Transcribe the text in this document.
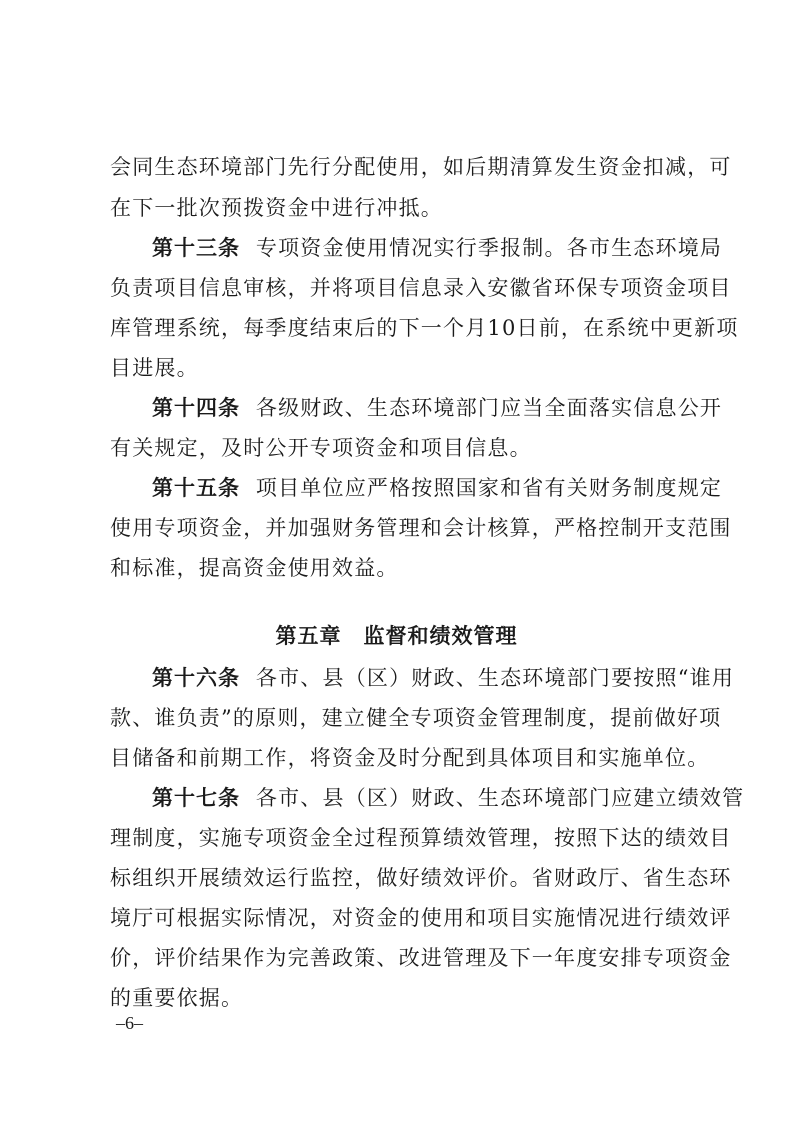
会同生态环境部门先行分配使用，如后期清算发生资金扣减，可
在下一批次预拨资金中进行冲抵。
第十三条 专项资金使用情况实行季报制。各市生态环境局
负责项目信息审核，并将项目信息录入安徽省环保专项资金项目
库管理系统，每季度结束后的下一个月10日前，在系统中更新项
目进展。
第十四条 各级财政、生态环境部门应当全面落实信息公开
有关规定，及时公开专项资金和项目信息。
第十五条 项目单位应严格按照国家和省有关财务制度规定
使用专项资金，并加强财务管理和会计核算，严格控制开支范围
和标准，提高资金使用效益。
第五章　监督和绩效管理
第十六条 各市、县（区）财政、生态环境部门要按照“谁用
款、谁负责”的原则，建立健全专项资金管理制度，提前做好项
目储备和前期工作，将资金及时分配到具体项目和实施单位。
第十七条 各市、县（区）财政、生态环境部门应建立绩效管
理制度，实施专项资金全过程预算绩效管理，按照下达的绩效目
标组织开展绩效运行监控，做好绩效评价。省财政厅、省生态环
境厅可根据实际情况，对资金的使用和项目实施情况进行绩效评
价，评价结果作为完善政策、改进管理及下一年度安排专项资金
的重要依据。
–6–
